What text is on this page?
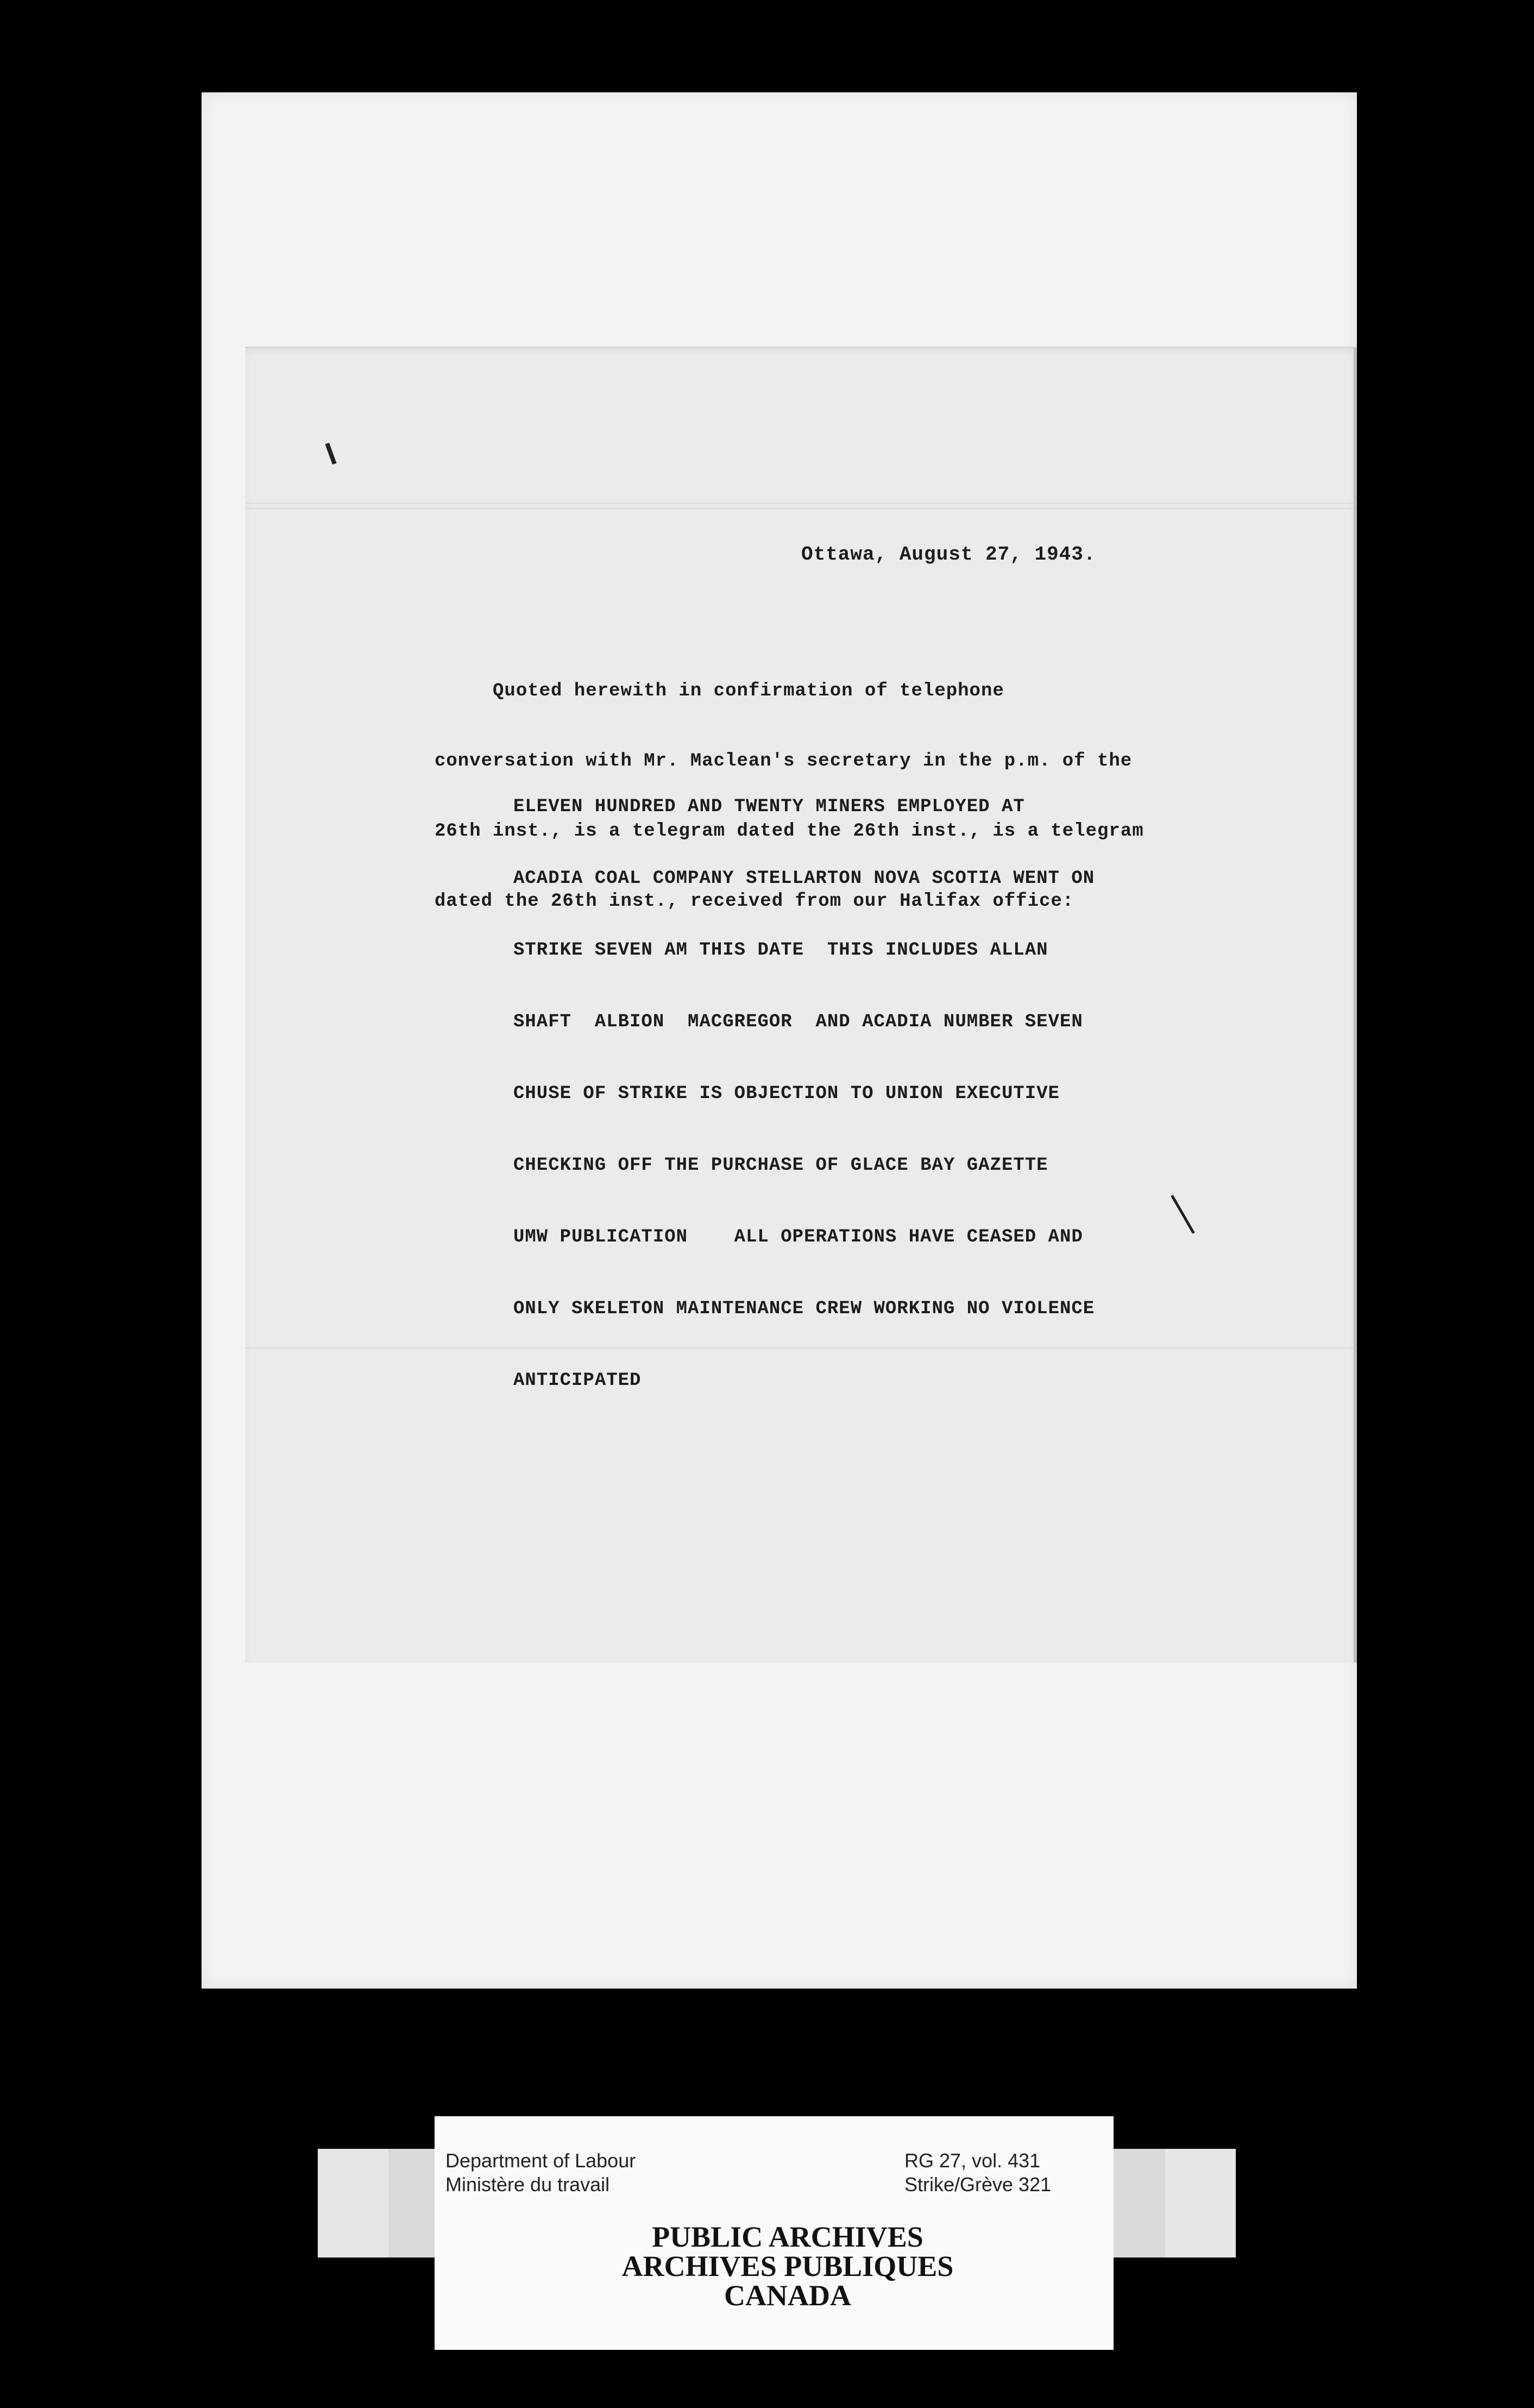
Ottawa, August 27, 1943.

Quoted herewith in confirmation of telephone

conversation with Mr. Maclean's secretary in the p.m. of the

26th inst., is a telegram dated the 26th inst., is a telegram

dated the 26th inst., received from our Halifax office:

ELEVEN HUNDRED AND TWENTY MINERS EMPLOYED AT

ACADIA COAL COMPANY STELLARTON NOVA SCOTIA WENT ON

STRIKE SEVEN AM THIS DATE  THIS INCLUDES ALLAN

SHAFT  ALBION  MACGREGOR  AND ACADIA NUMBER SEVEN

CHUSE OF STRIKE IS OBJECTION TO UNION EXECUTIVE

CHECKING OFF THE PURCHASE OF GLACE BAY GAZETTE

UMW PUBLICATION    ALL OPERATIONS HAVE CEASED AND

ONLY SKELETON MAINTENANCE CREW WORKING NO VIOLENCE

ANTICIPATED

Department of Labour
Ministère du travail
RG 27, vol. 431
Strike/Grève 321
PUBLIC ARCHIVES
ARCHIVES PUBLIQUES
CANADA
